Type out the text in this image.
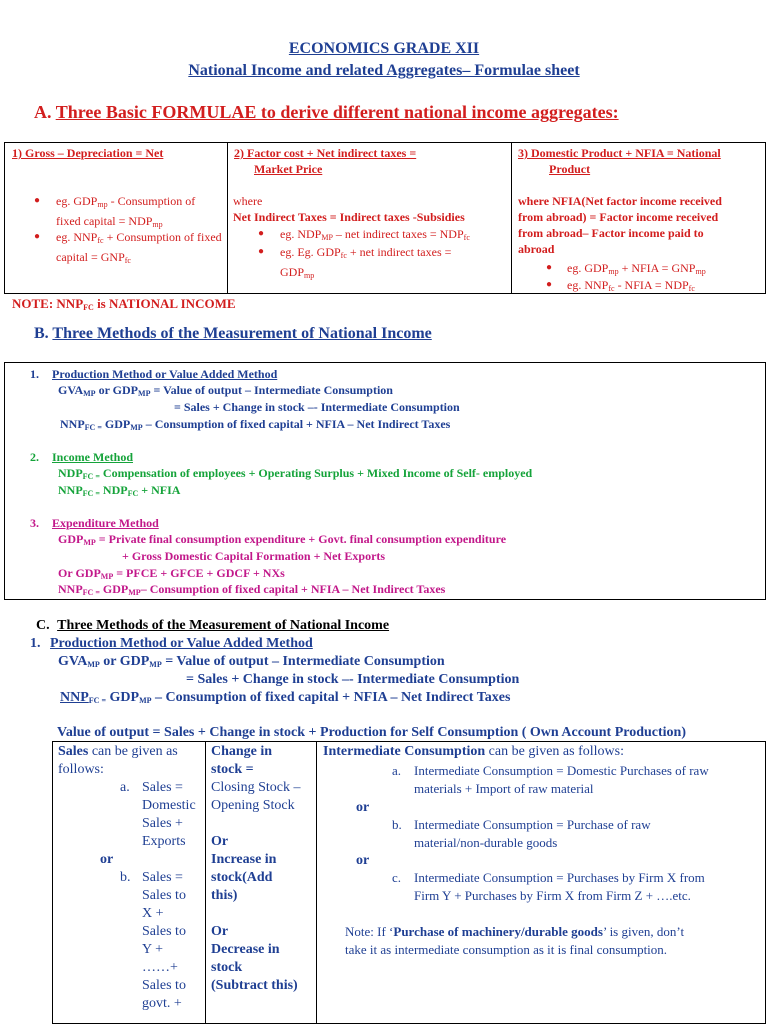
ECONOMICS GRADE XII
National Income and related Aggregates– Formulae sheet
A. Three Basic FORMULAE to derive different national income aggregates:
1) Gross – Depreciation = Net
● eg. $GDP_{mp}$ - Consumption of fixed capital = $NDP_{mp}$
● eg. $NNP_{fc}$ + Consumption of fixed capital = $GNP_{fc}$
2) Factor cost + Net indirect taxes =
Market Price
where
Net Indirect Taxes = Indirect taxes -Subsidies
● eg. $NDP_{MP}$ – net indirect taxes = $NDP_{fc}$
● eg. Eg. $GDP_{fc}$ + net indirect taxes =
$GDP_{mp}$
3) Domestic Product + NFIA = National
Product
where NFIA(Net factor income received
from abroad) = Factor income received
from abroad– Factor income paid to
abroad
● eg. $GDP_{mp}$ + NFIA = $GNP_{mp}$
● eg. $NNP_{fc}$ - NFIA = $NDP_{fc}$
NOTE: $NNP_{FC}$ is NATIONAL INCOME
B. Three Methods of the Measurement of National Income
1. Production Method or Value Added Method
$GVA_{MP}$ or $GDP_{MP}$ = Value of output – Intermediate Consumption
= Sales + Change in stock –- Intermediate Consumption
$NNP_{FC =}$ $GDP_{MP}$ – Consumption of fixed capital + NFIA – Net Indirect Taxes
2. Income Method
$NDP_{FC =}$ Compensation of employees + Operating Surplus + Mixed Income of Self- employed
$NNP_{FC =}$ $NDP_{FC}$ + NFIA
3. Expenditure Method
$GDP_{MP}$ = Private final consumption expenditure + Govt. final consumption expenditure
+ Gross Domestic Capital Formation + Net Exports
Or $GDP_{MP}$ = PFCE + GFCE + GDCF + NXs
$NNP_{FC =}$ $GDP_{MP}-$ Consumption of fixed capital + NFIA – Net Indirect Taxes
C. Three Methods of the Measurement of National Income
1. Production Method or Value Added Method
$GVA_{MP}$ or $GDP_{MP}$ = Value of output – Intermediate Consumption
= Sales + Change in stock –- Intermediate Consumption
$NNP_{FC =}$ $GDP_{MP}$ – Consumption of fixed capital + NFIA – Net Indirect Taxes
Value of output = Sales + Change in stock + Production for Self Consumption ( Own Account Production)
Sales can be given as
follows:
a. Sales =
Domestic
Sales +
Exports
or
b. Sales =
Sales to
X +
Sales to
Y +
……+
Sales to
govt. +
Change in
stock =
Closing Stock –
Opening Stock
Or
Increase in
stock(Add
this)
Or
Decrease in
stock
(Subtract this)
Intermediate Consumption can be given as follows:
a. Intermediate Consumption = Domestic Purchases of raw
materials + Import of raw material
or
b. Intermediate Consumption = Purchase of raw
material/non-durable goods
or
c. Intermediate Consumption = Purchases by Firm X from
Firm Y + Purchases by Firm X from Firm Z + ….etc.
Note: If ‘Purchase of machinery/durable goods’ is given, don’t
take it as intermediate consumption as it is final consumption.
